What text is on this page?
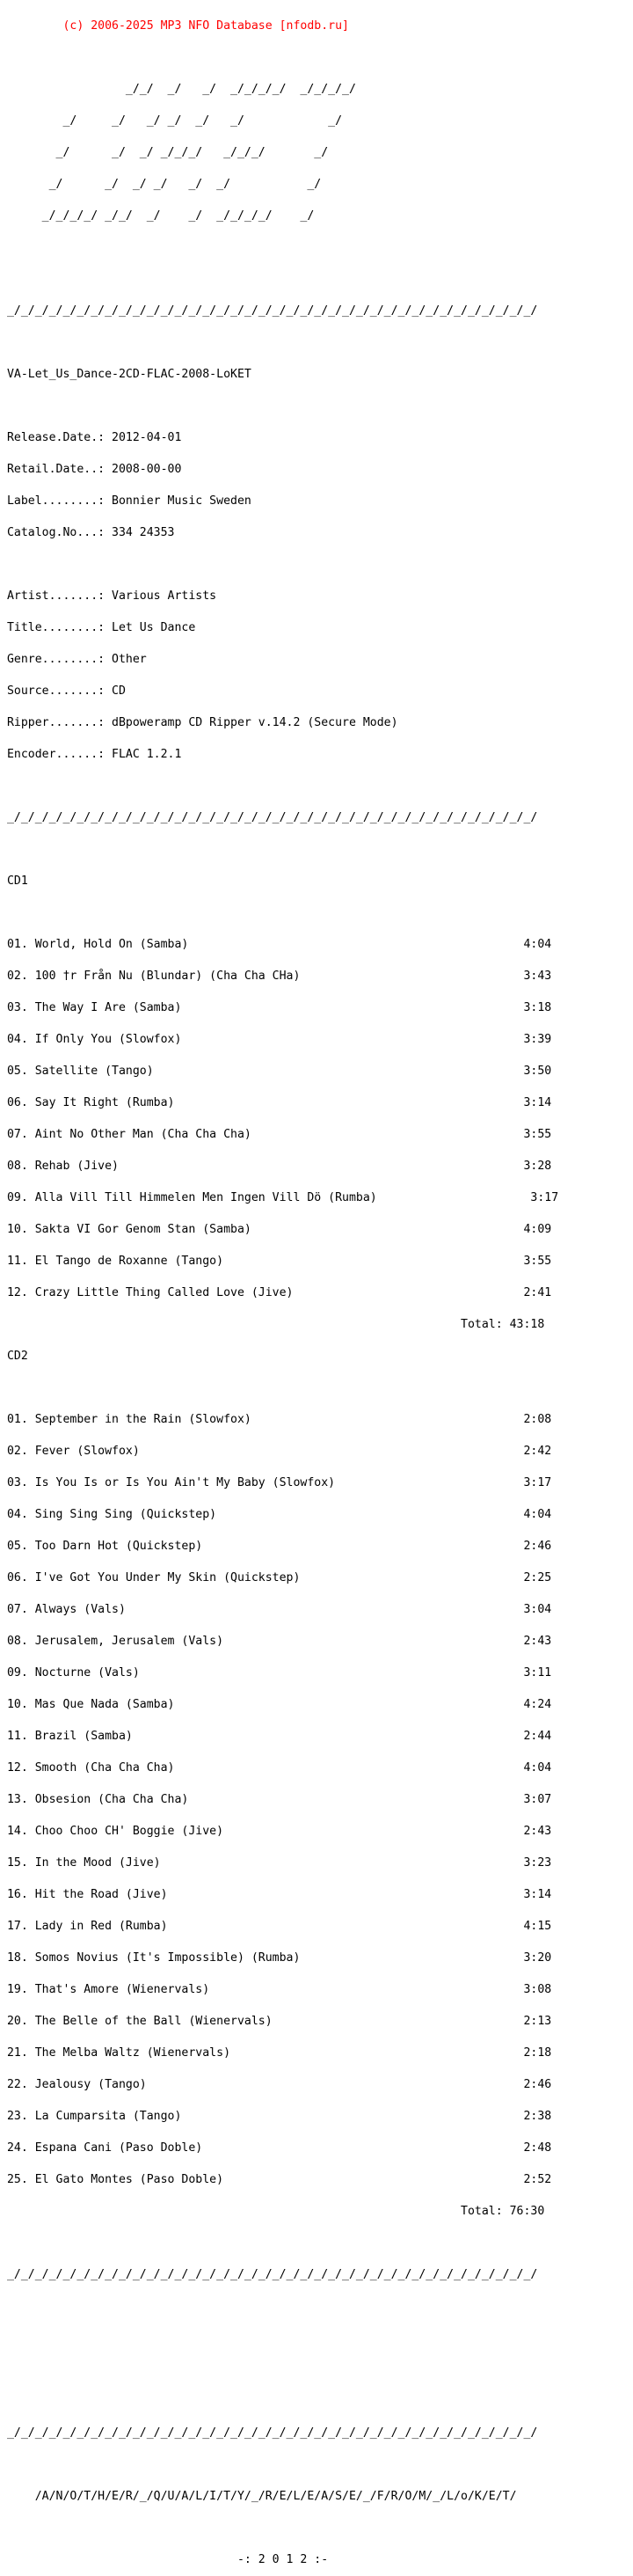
(c) 2006-2025 MP3 NFO Database [nfodb.ru]

_/_/  _/   _/  _/_/_/_/  _/_/_/_/

_/     _/   _/ _/  _/   _/            _/

_/      _/  _/ _/_/_/   _/_/_/       _/

_/      _/  _/ _/   _/  _/           _/

_/_/_/_/ _/_/  _/    _/  _/_/_/_/    _/

_/_/_/_/_/_/_/_/_/_/_/_/_/_/_/_/_/_/_/_/_/_/_/_/_/_/_/_/_/_/_/_/_/_/_/_/_/_/

VA-Let_Us_Dance-2CD-FLAC-2008-LoKET

Release.Date.: 2012-04-01

Retail.Date..: 2008-00-00

Label........: Bonnier Music Sweden

Catalog.No...: 334 24353

Artist.......: Various Artists

Title........: Let Us Dance

Genre........: Other

Source.......: CD

Ripper.......: dBpoweramp CD Ripper v.14.2 (Secure Mode)

Encoder......: FLAC 1.2.1

_/_/_/_/_/_/_/_/_/_/_/_/_/_/_/_/_/_/_/_/_/_/_/_/_/_/_/_/_/_/_/_/_/_/_/_/_/_/

CD1

01. World, Hold On (Samba)                                                4:04

02. 100 †r Från Nu (Blundar) (Cha Cha CHa)                                3:43

03. The Way I Are (Samba)                                                 3:18

04. If Only You (Slowfox)                                                 3:39

05. Satellite (Tango)                                                     3:50

06. Say It Right (Rumba)                                                  3:14

07. Aint No Other Man (Cha Cha Cha)                                       3:55

08. Rehab (Jive)                                                          3:28

09. Alla Vill Till Himmelen Men Ingen Vill Dö (Rumba)                      3:17

10. Sakta VI Gor Genom Stan (Samba)                                       4:09

11. El Tango de Roxanne (Tango)                                           3:55

12. Crazy Little Thing Called Love (Jive)                                 2:41

Total: 43:18

CD2

01. September in the Rain (Slowfox)                                       2:08

02. Fever (Slowfox)                                                       2:42

03. Is You Is or Is You Ain't My Baby (Slowfox)                           3:17

04. Sing Sing Sing (Quickstep)                                            4:04

05. Too Darn Hot (Quickstep)                                              2:46

06. I've Got You Under My Skin (Quickstep)                                2:25

07. Always (Vals)                                                         3:04

08. Jerusalem, Jerusalem (Vals)                                           2:43

09. Nocturne (Vals)                                                       3:11

10. Mas Que Nada (Samba)                                                  4:24

11. Brazil (Samba)                                                        2:44

12. Smooth (Cha Cha Cha)                                                  4:04

13. Obsesion (Cha Cha Cha)                                                3:07

14. Choo Choo CH' Boggie (Jive)                                           2:43

15. In the Mood (Jive)                                                    3:23

16. Hit the Road (Jive)                                                   3:14

17. Lady in Red (Rumba)                                                   4:15

18. Somos Novius (It's Impossible) (Rumba)                                3:20

19. That's Amore (Wienervals)                                             3:08

20. The Belle of the Ball (Wienervals)                                    2:13

21. The Melba Waltz (Wienervals)                                          2:18

22. Jealousy (Tango)                                                      2:46

23. La Cumparsita (Tango)                                                 2:38

24. Espana Cani (Paso Doble)                                              2:48

25. El Gato Montes (Paso Doble)                                           2:52

Total: 76:30

_/_/_/_/_/_/_/_/_/_/_/_/_/_/_/_/_/_/_/_/_/_/_/_/_/_/_/_/_/_/_/_/_/_/_/_/_/_/

_/_/_/_/_/_/_/_/_/_/_/_/_/_/_/_/_/_/_/_/_/_/_/_/_/_/_/_/_/_/_/_/_/_/_/_/_/_/

/A/N/O/T/H/E/R/_/Q/U/A/L/I/T/Y/_/R/E/L/E/A/S/E/_/F/R/O/M/_/L/o/K/E/T/

-: 2 0 1 2 :-
